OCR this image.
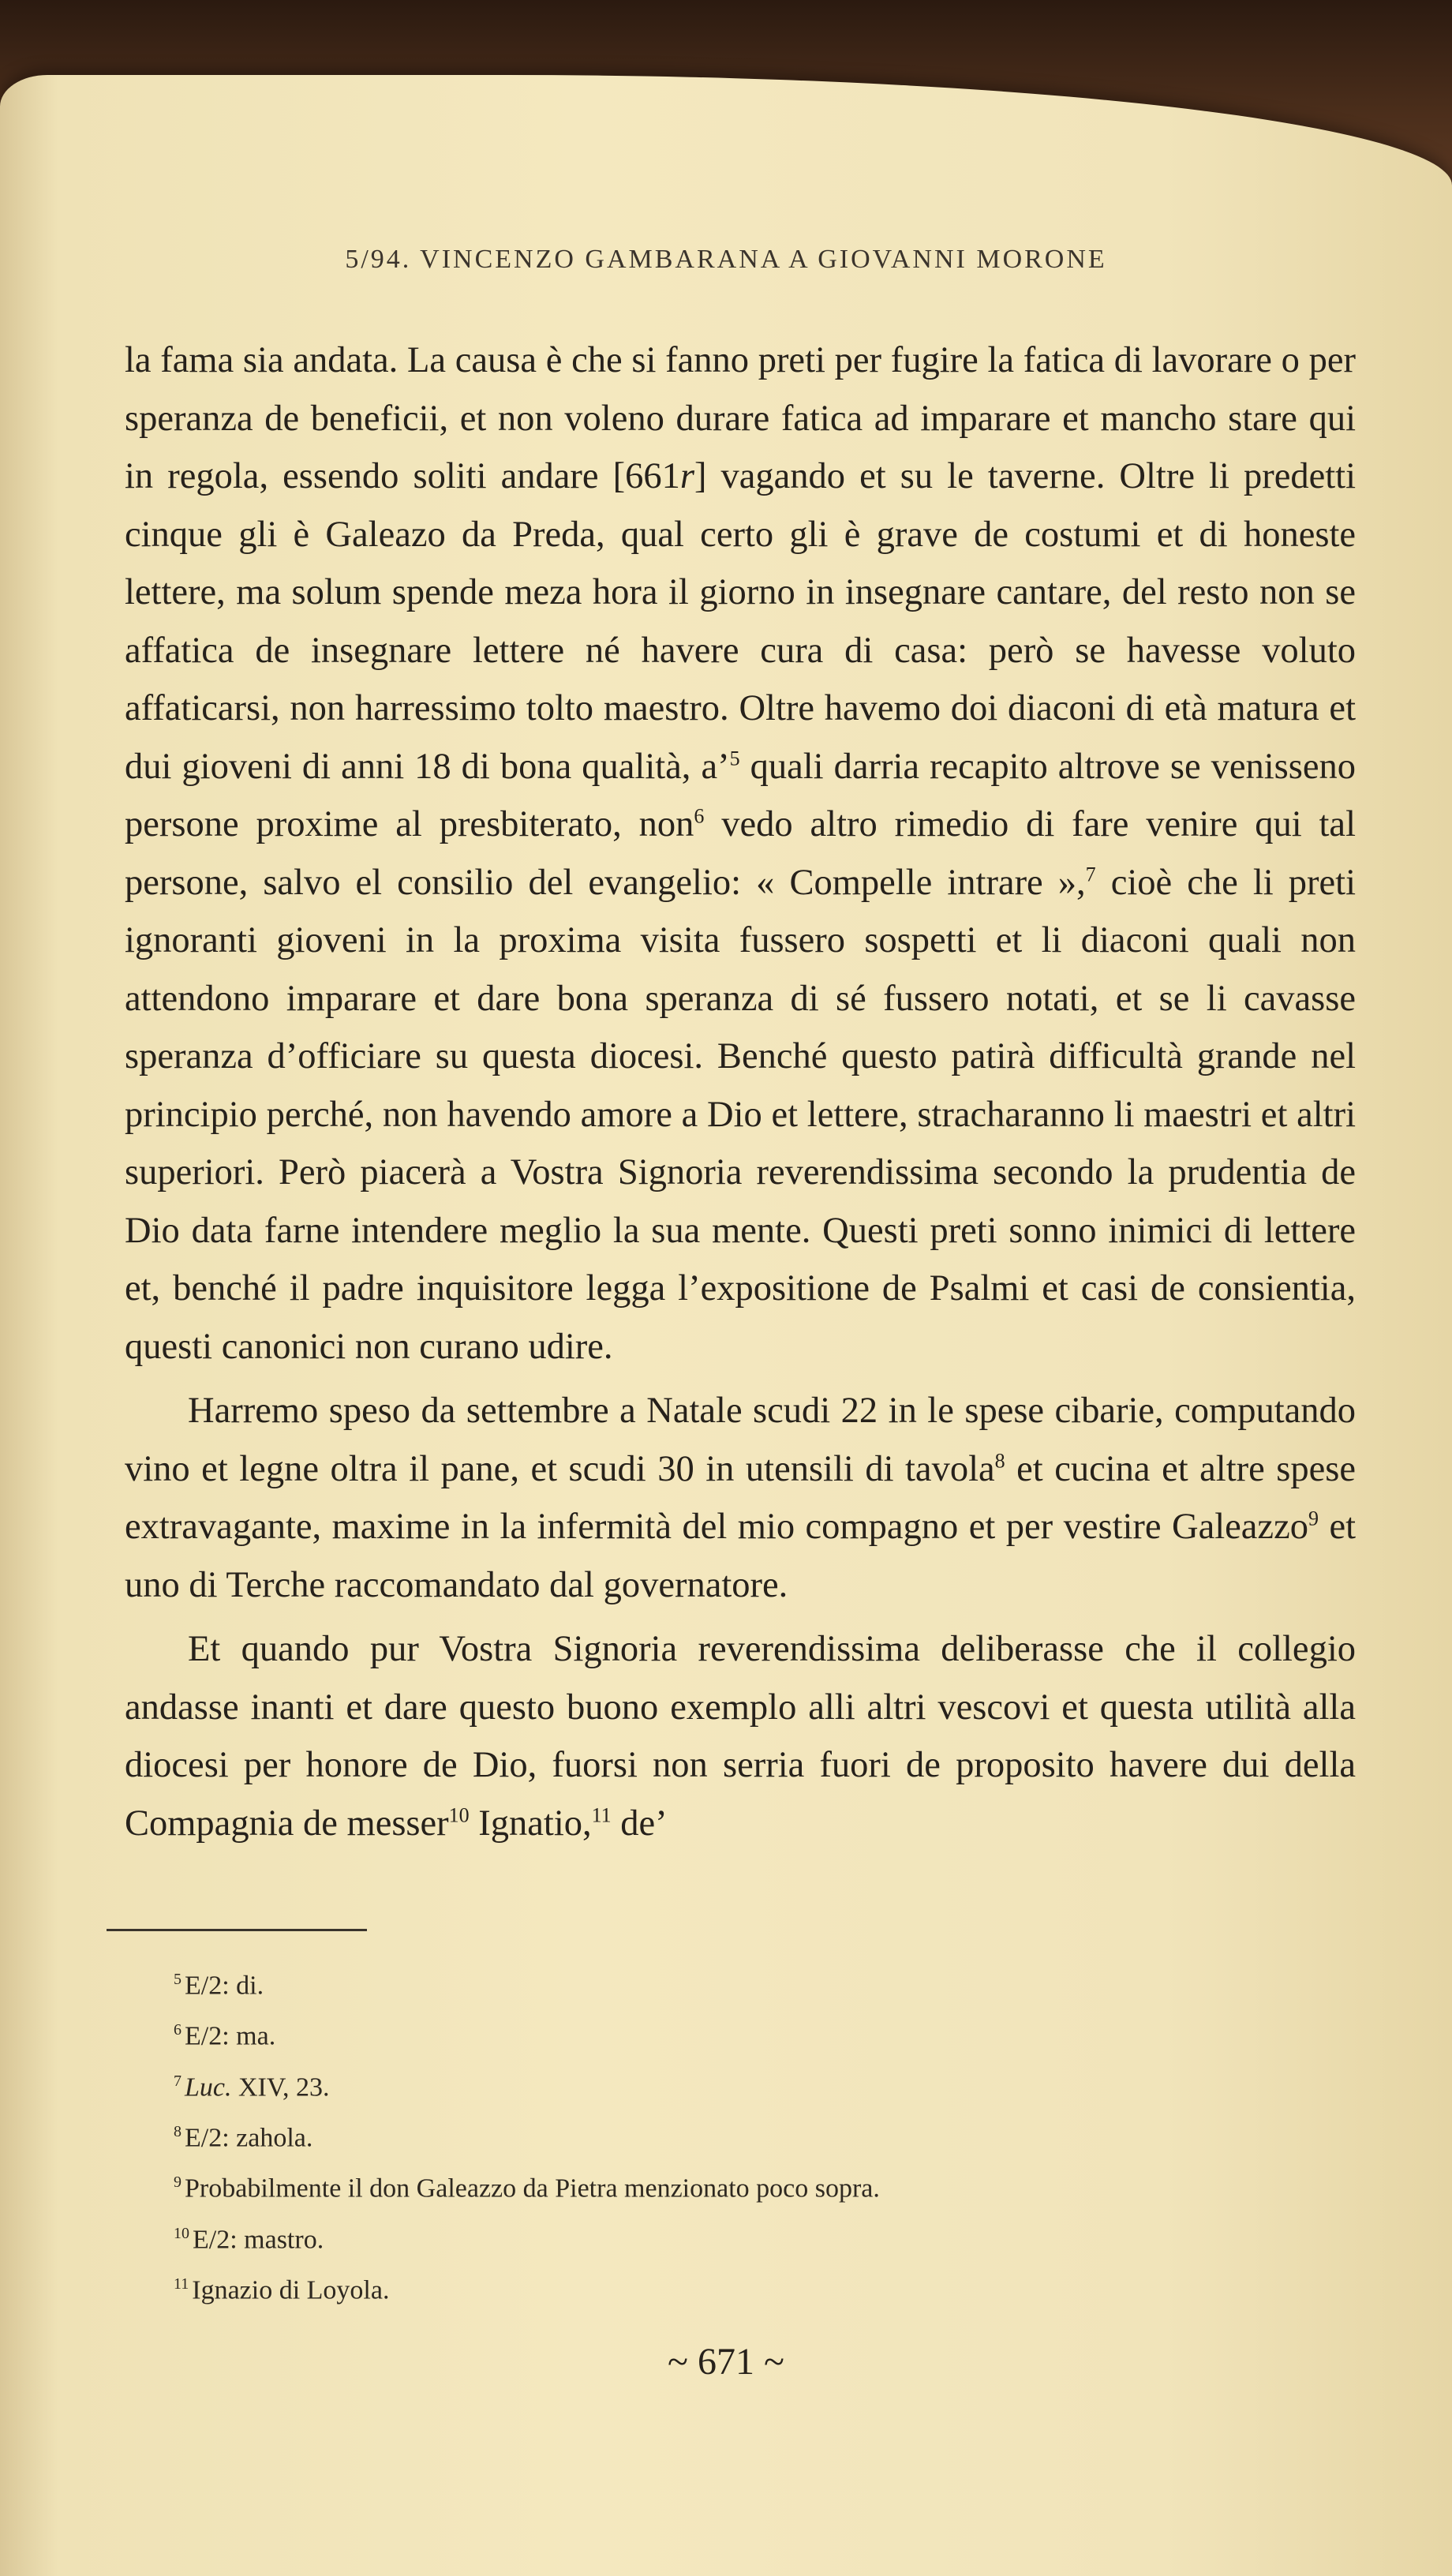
5/94. VINCENZO GAMBARANA A GIOVANNI MORONE

la fama sia andata. La causa è che si fanno preti per fugire la fatica di lavorare o per speranza de beneficii, et non voleno durare fatica ad imparare et mancho stare qui in regola, essendo soliti andare [661r] vagando et su le taverne. Oltre li predetti cinque gli è Galeazo da Preda, qual certo gli è grave de costumi et di honeste lettere, ma solum spende meza hora il giorno in insegnare cantare, del resto non se affatica de insegnare lettere né havere cura di casa: però se havesse voluto affaticarsi, non harressimo tolto maestro. Oltre havemo doi diaconi di età matura et dui gioveni di anni 18 di bona qualità, a’$^5$ quali darria recapito altrove se venisseno persone proxime al presbiterato, non$^6$ vedo altro rimedio di fare venire qui tal persone, salvo el consilio del evangelio: « Compelle intrare »,$^7$ cioè che li preti ignoranti gioveni in la proxima visita fussero sospetti et li diaconi quali non attendono imparare et dare bona speranza di sé fussero notati, et se li cavasse speranza d’officiare su questa diocesi. Benché questo patirà difficultà grande nel principio perché, non havendo amore a Dio et lettere, stracharanno li maestri et altri superiori. Però piacerà a Vostra Signoria reverendissima secondo la prudentia de Dio data farne intendere meglio la sua mente. Questi preti sonno inimici di lettere et, benché il padre inquisitore legga l’expositione de Psalmi et casi de consientia, questi canonici non curano udire.

Harremo speso da settembre a Natale scudi 22 in le spese cibarie, computando vino et legne oltra il pane, et scudi 30 in utensili di tavola$^8$ et cucina et altre spese extravagante, maxime in la infermità del mio compagno et per vestire Galeazzo$^9$ et uno di Terche raccomandato dal governatore.

Et quando pur Vostra Signoria reverendissima deliberasse che il collegio andasse inanti et dare questo buono exemplo alli altri vescovi et questa utilità alla diocesi per honore de Dio, fuorsi non serria fuori de proposito havere dui della Compagnia de messer$^{10}$ Ignatio,$^{11}$ de’

$^5$ E/2: di.
$^6$ E/2: ma.
$^7$ Luc. XIV, 23.
$^8$ E/2: zahola.
$^9$ Probabilmente il don Galeazzo da Pietra menzionato poco sopra.
$^{10}$ E/2: mastro.
$^{11}$ Ignazio di Loyola.
~ 671 ~
